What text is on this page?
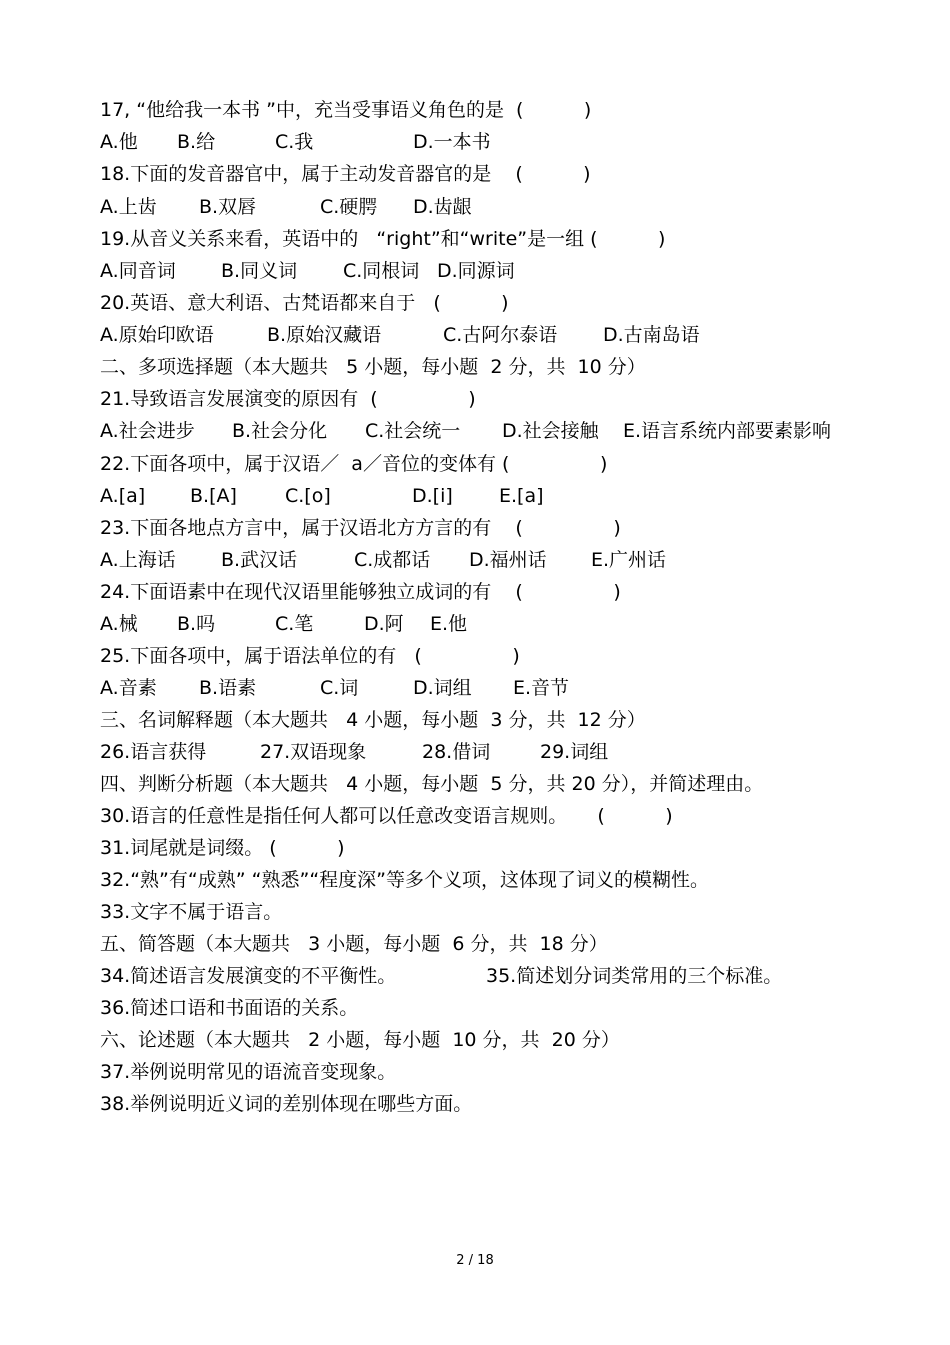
17, “他给我一本书 ”中，充当受事语义角色的是  (          )

A.他

B.给

	C.我

	D.一本书

18.下面的发音器官中，属于主动发音器官的是    (          )

A.上齿

B.双唇

	C.硬腭

D.齿龈

19.从音义关系来看，英语中的   “right”和“write”是一组 (          )

A.同音词

B.同义词

C.同根词

D.同源词

20.英语、意大利语、古梵语都来自于   (          )

A.原始印欧语

	B.原始汉藏语

	C.古阿尔泰语

D.古南岛语

二、多项选择题（本大题共   5 小题，每小题  2 分，共  10 分）
21.导致语言发展演变的原因有  (               )

A.社会进步

B.社会分化

C.社会统一

D.社会接触

E.语言系统内部要素影响

22.下面各项中，属于汉语／  a／音位的变体有 (               )

A.[a]

B.[A]

	C.[o]

	D.[i]

E.[a]

23.下面各地点方言中，属于汉语北方方言的有    (               )

A.上海话

B.武汉话

	C.成都话

D.福州话

E.广州话

24.下面语素中在现代汉语里能够独立成词的有    (               )

A.械

B.吗

	C.笔

	D.阿

E.他

25.下面各项中，属于语法单位的有   (               )

A.音素

B.语素

	C.词

	D.词组

E.音节

三、名词解释题（本大题共   4 小题，每小题  3 分，共  12 分）

26.语言获得

	27.双语现象

	28.借词

	29.词组

四、判断分析题（本大题共   4 小题，每小题  5 分，共 20 分），并简述理由。
30.语言的任意性是指任何人都可以任意改变语言规则。     (          )
31.词尾就是词缀。 (          )
32.“熟”有“成熟” “熟悉”“程度深”等多个义项，这体现了词义的模糊性。
33.文字不属于语言。
五、简答题（本大题共   3 小题，每小题  6 分，共  18 分）

34.简述语言发展演变的不平衡性。

	35.简述划分词类常用的三个标准。

36.简述口语和书面语的关系。
六、论述题（本大题共   2 小题，每小题  10 分，共  20 分）
37.举例说明常见的语流音变现象。
38.举例说明近义词的差别体现在哪些方面。
2 / 18
